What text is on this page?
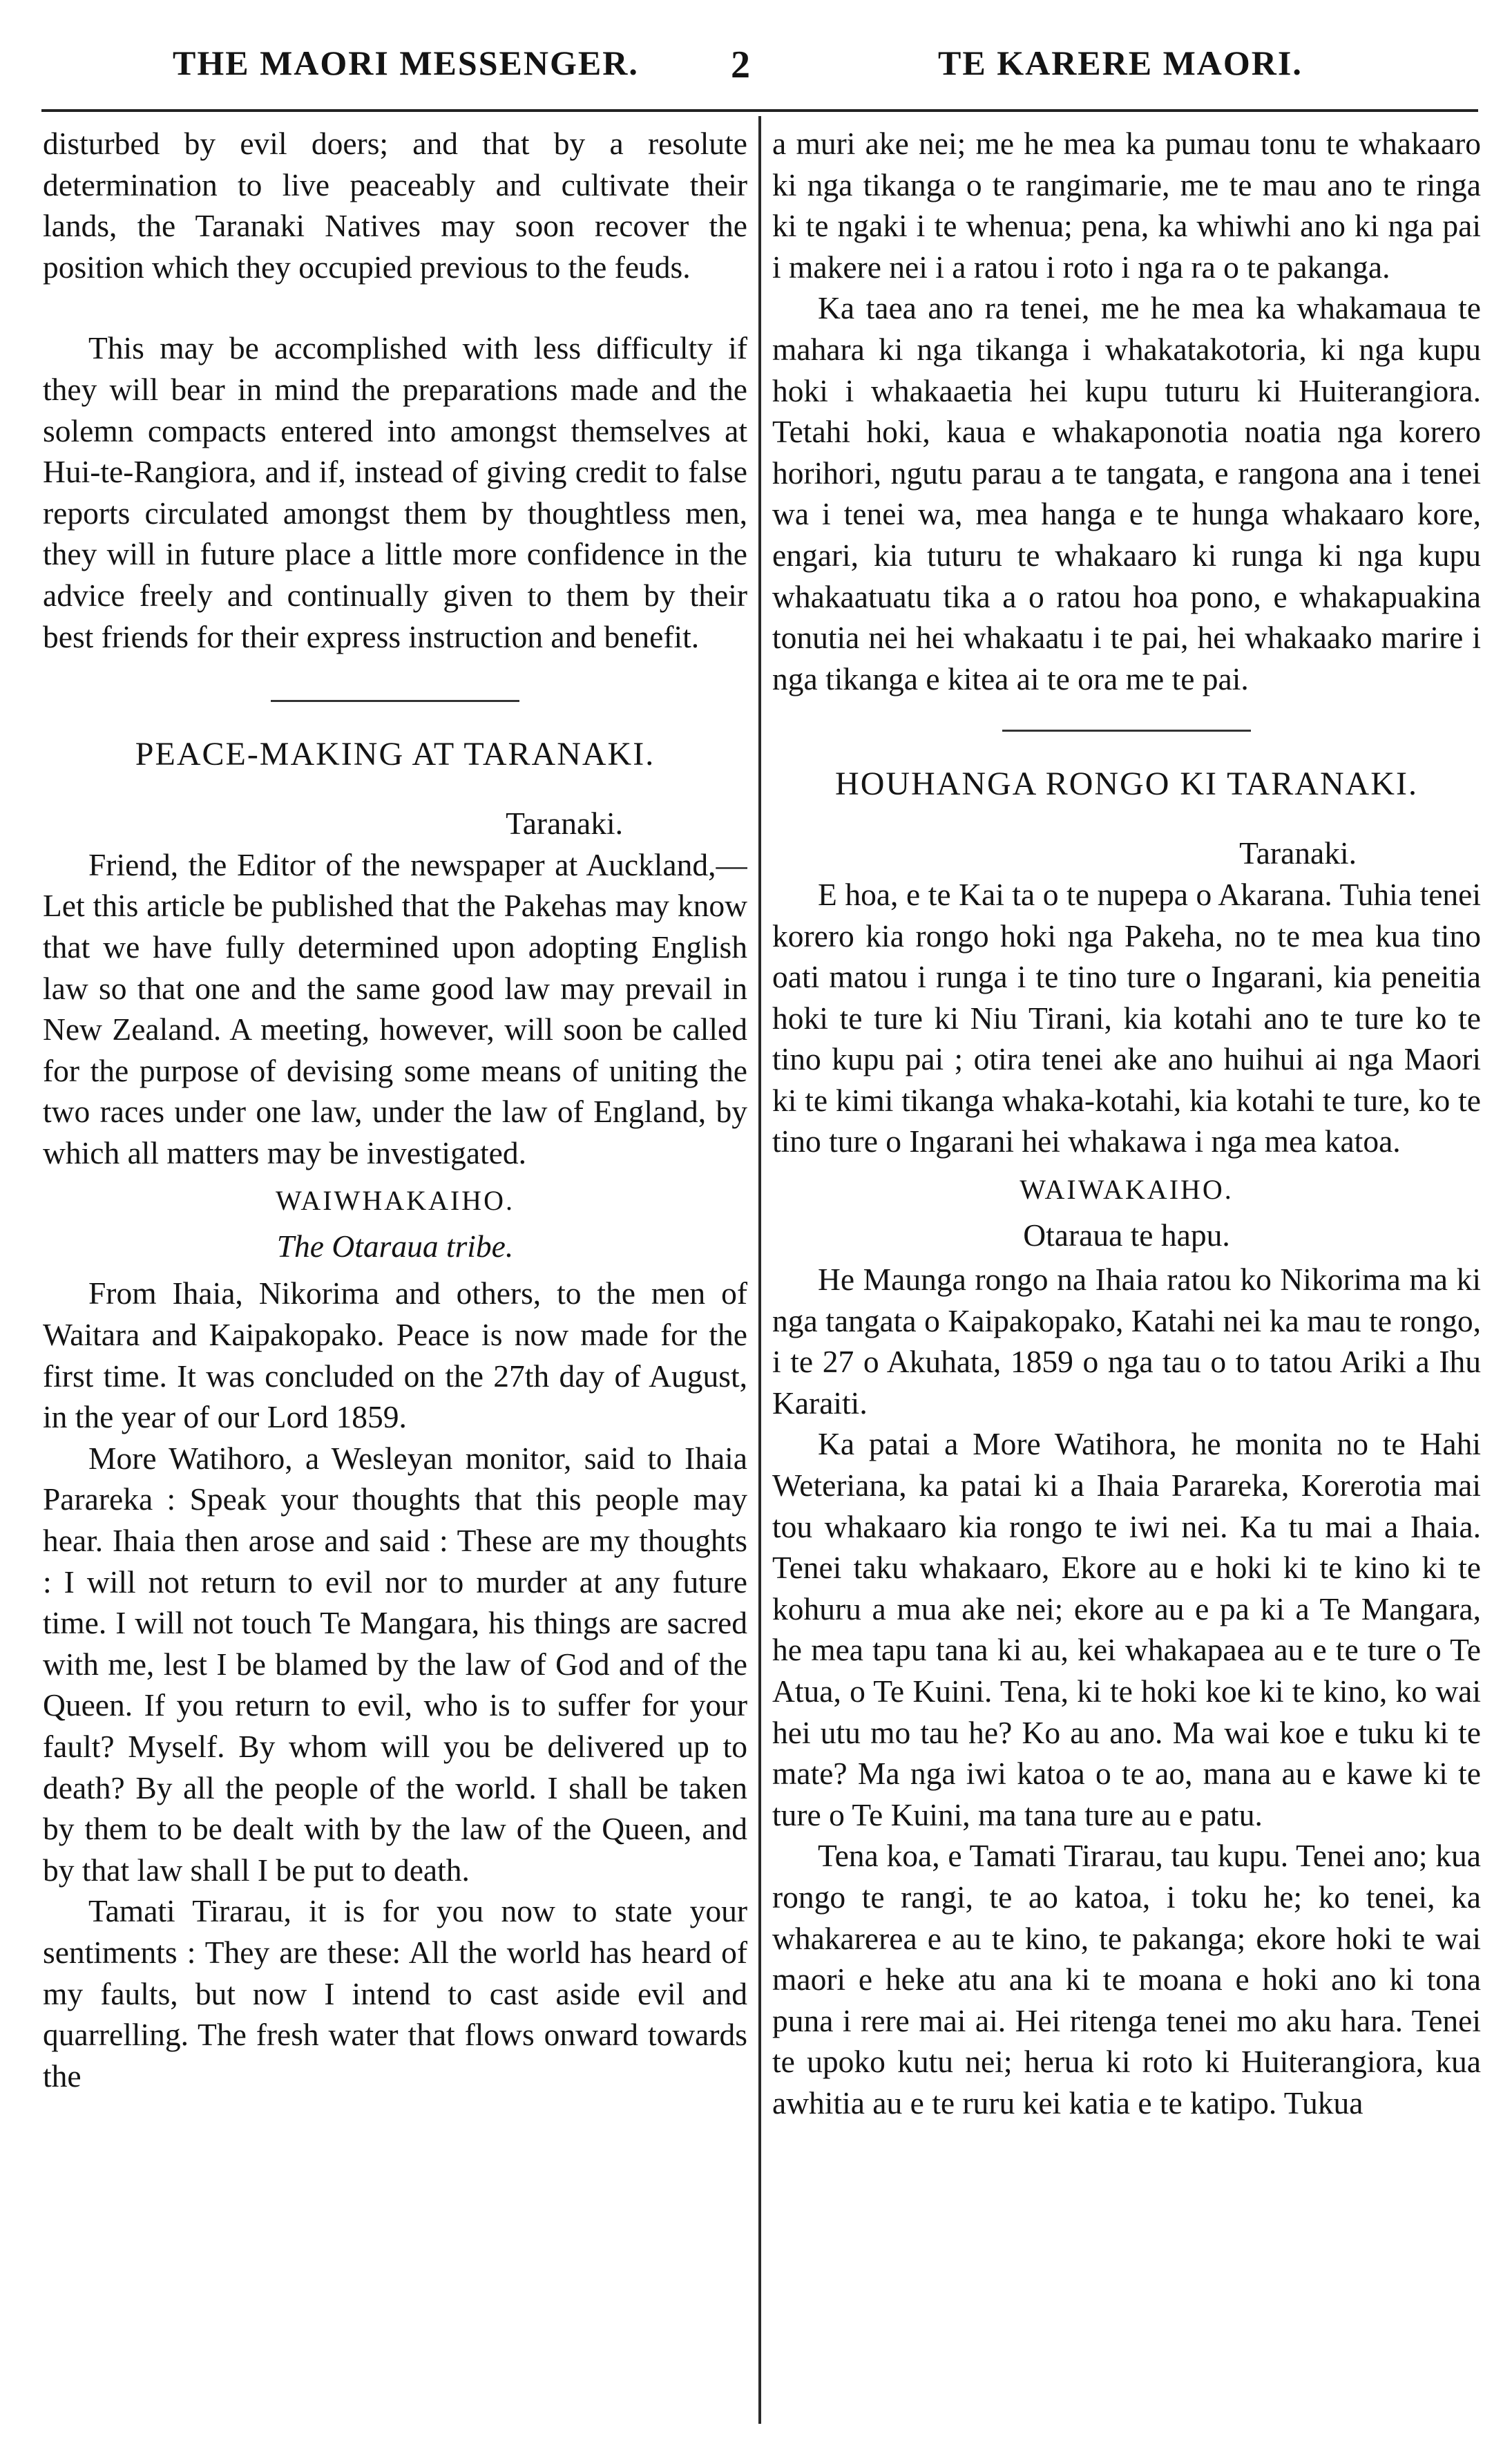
THE MAORI MESSENGER. 2	TE KARERE MAORI.

disturbed by evil doers; and that by a resolute determination to live peaceably and cultivate their lands, the Taranaki Natives may soon recover the position which they occupied previous to the feuds.

This may be accomplished with less difficulty if they will bear in mind the preparations made and the solemn compacts entered into amongst themselves at Hui-te-Rangiora, and if, instead of giving credit to false reports circulated amongst them by thoughtless men, they will in future place a little more confidence in the advice freely and continually given to them by their best friends for their express instruction and benefit.

PEACE-MAKING AT TARANAKI.

Taranaki.

Friend, the Editor of the newspaper at Auckland,—Let this article be published that the Pakehas may know that we have fully determined upon adopting English law so that one and the same good law may prevail in New Zealand. A meeting, however, will soon be called for the purpose of devising some means of uniting the two races under one law, under the law of England, by which all matters may be investigated.

WAIWHAKAIHO.

The Otaraua tribe.

From Ihaia, Nikorima and others, to the men of Waitara and Kaipakopako. Peace is now made for the first time. It was concluded on the 27th day of August, in the year of our Lord 1859.

More Watihoro, a Wesleyan monitor, said to Ihaia Parareka : Speak your thoughts that this people may hear. Ihaia then arose and said : These are my thoughts : I will not return to evil nor to murder at any future time. I will not touch Te Mangara, his things are sacred with me, lest I be blamed by the law of God and of the Queen. If you return to evil, who is to suffer for your fault? Myself. By whom will you be delivered up to death? By all the people of the world. I shall be taken by them to be dealt with by the law of the Queen, and by that law shall I be put to death.

Tamati Tirarau, it is for you now to state your sentiments : They are these: All the world has heard of my faults, but now I intend to cast aside evil and quarrelling. The fresh water that flows onward towards the

a muri ake nei; me he mea ka pumau tonu te whakaaro ki nga tikanga o te rangimarie, me te mau ano te ringa ki te ngaki i te whenua; pena, ka whiwhi ano ki nga pai i makere nei i a ratou i roto i nga ra o te pakanga.

Ka taea ano ra tenei, me he mea ka whakamaua te mahara ki nga tikanga i whakatakotoria, ki nga kupu hoki i whakaaetia hei kupu tuturu ki Huiterangiora. Tetahi hoki, kaua e whakaponotia noatia nga korero horihori, ngutu parau a te tangata, e rangona ana i tenei wa i tenei wa, mea hanga e te hunga whakaaro kore, engari, kia tuturu te whakaaro ki runga ki nga kupu whakaatuatu tika a o ratou hoa pono, e whakapuakina tonutia nei hei whakaatu i te pai, hei whakaako marire i nga tikanga e kitea ai te ora me te pai.

HOUHANGA RONGO KI TARANAKI.

Taranaki.

E hoa, e te Kai ta o te nupepa o Akarana. Tuhia tenei korero kia rongo hoki nga Pakeha, no te mea kua tino oati matou i runga i te tino ture o Ingarani, kia peneitia hoki te ture ki Niu Tirani, kia kotahi ano te ture ko te tino kupu pai ; otira tenei ake ano huihui ai nga Maori ki te kimi tikanga whaka-kotahi, kia kotahi te ture, ko te tino ture o Ingarani hei whakawa i nga mea katoa.

WAIWAKAIHO.

Otaraua te hapu.

He Maunga rongo na Ihaia ratou ko Nikorima ma ki nga tangata o Kaipakopako, Katahi nei ka mau te rongo, i te 27 o Akuhata, 1859 o nga tau o to tatou Ariki a Ihu Karaiti.

Ka patai a More Watihora, he monita no te Hahi Weteriana, ka patai ki a Ihaia Parareka, Korerotia mai tou whakaaro kia rongo te iwi nei. Ka tu mai a Ihaia. Tenei taku whakaaro, Ekore au e hoki ki te kino ki te kohuru a mua ake nei; ekore au e pa ki a Te Mangara, he mea tapu tana ki au, kei whakapaea au e te ture o Te Atua, o Te Kuini. Tena, ki te hoki koe ki te kino, ko wai hei utu mo tau he? Ko au ano. Ma wai koe e tuku ki te mate? Ma nga iwi katoa o te ao, mana au e kawe ki te ture o Te Kuini, ma tana ture au e patu.

Tena koa, e Tamati Tirarau, tau kupu. Tenei ano; kua rongo te rangi, te ao katoa, i toku he; ko tenei, ka whakarerea e au te kino, te pakanga; ekore hoki te wai maori e heke atu ana ki te moana e hoki ano ki tona puna i rere mai ai. Hei ritenga tenei mo aku hara. Tenei te upoko kutu nei; herua ki roto ki Huiterangiora, kua awhitia au e te ruru kei katia e te katipo. Tukua
